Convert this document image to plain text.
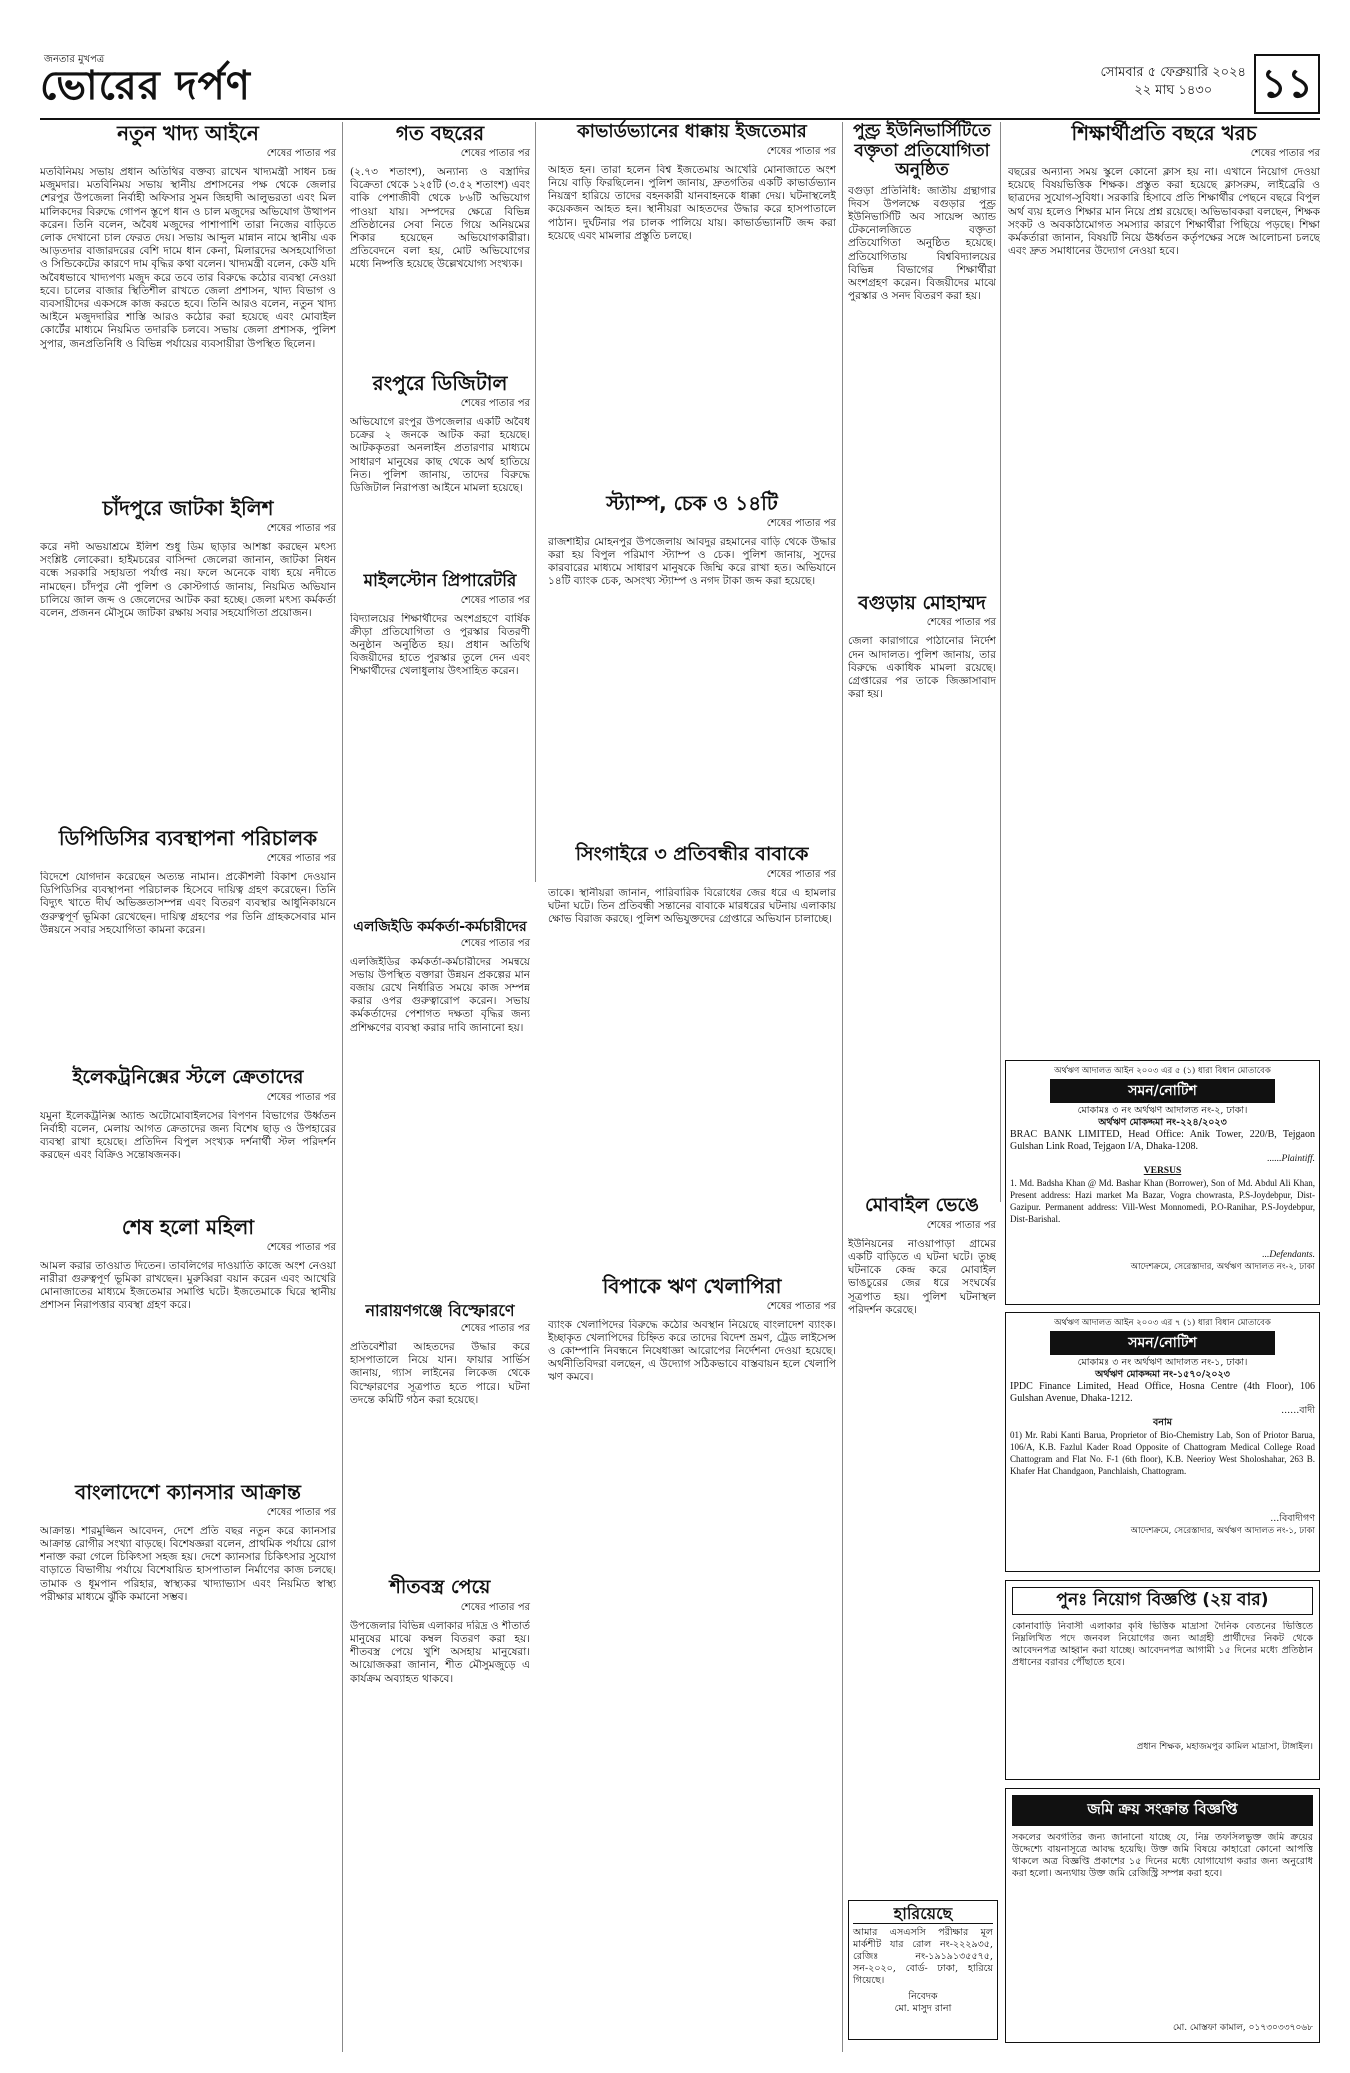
জনতার মুখপত্র
ভোরের দর্পণ	সোমবার ৫ ফেব্রুয়ারি ২০২৪
২২ মাঘ ১৪৩০	১১
নতুন খাদ্য আইনে
শেষের পাতার পর
মতবিনিময় সভায় প্রধান অতিথির বক্তব্য রাখেন খাদ্যমন্ত্রী সাধন চন্দ্র মজুমদার। মতবিনিময় সভায় স্থানীয় প্রশাসনের পক্ষ থেকে জেলার শেরপুর উপজেলা নির্বাহী অফিসার সুমন জিহাদী আলুভরতা এবং মিল মালিকদের বিরুদ্ধে গোপন স্তূপে ধান ও চাল মজুদের অভিযোগ উত্থাপন করেন। তিনি বলেন, অবৈধ মজুদের পাশাপাশি তারা নিজের বাড়িতে লোক দেখানো চাল ফেরত দেয়। সভায় আব্দুল মান্নান নামে স্থানীয় এক আড়তদার বাজারদরের বেশি দামে ধান কেনা, মিলারদের অসহযোগিতা ও সিন্ডিকেটের কারণে দাম বৃদ্ধির কথা বলেন। খাদ্যমন্ত্রী বলেন, কেউ যদি অবৈধভাবে খাদ্যপণ্য মজুদ করে তবে তার বিরুদ্ধে কঠোর ব্যবস্থা নেওয়া হবে। চালের বাজার স্থিতিশীল রাখতে জেলা প্রশাসন, খাদ্য বিভাগ ও ব্যবসায়ীদের একসঙ্গে কাজ করতে হবে। তিনি আরও বলেন, নতুন খাদ্য আইনে মজুদদারির শাস্তি আরও কঠোর করা হয়েছে এবং মোবাইল কোর্টের মাধ্যমে নিয়মিত তদারকি চলবে। সভায় জেলা প্রশাসক, পুলিশ সুপার, জনপ্রতিনিধি ও বিভিন্ন পর্যায়ের ব্যবসায়ীরা উপস্থিত ছিলেন।
চাঁদপুরে জাটকা ইলিশ
শেষের পাতার পর
করে নদী অভয়াশ্রমে ইলিশ শুধু ডিম ছাড়ার আশঙ্কা করছেন মৎস্য সংশ্লিষ্ট লোকেরা। হাইমচরের বাসিন্দা জেলেরা জানান, জাটকা নিধন বন্ধে সরকারি সহায়তা পর্যাপ্ত নয়। ফলে অনেকে বাধ্য হয়ে নদীতে নামছেন। চাঁদপুর নৌ পুলিশ ও কোস্টগার্ড জানায়, নিয়মিত অভিযান চালিয়ে জাল জব্দ ও জেলেদের আটক করা হচ্ছে। জেলা মৎস্য কর্মকর্তা বলেন, প্রজনন মৌসুমে জাটকা রক্ষায় সবার সহযোগিতা প্রয়োজন।
ডিপিডিসির ব্যবস্থাপনা পরিচালক
শেষের পাতার পর
বিদেশে যোগদান করেছেন অত্যন্ত নামান। প্রকৌশলী বিকাশ দেওয়ান ডিপিডিসির ব্যবস্থাপনা পরিচালক হিসেবে দায়িত্ব গ্রহণ করেছেন। তিনি বিদ্যুৎ খাতে দীর্ঘ অভিজ্ঞতাসম্পন্ন এবং বিতরণ ব্যবস্থার আধুনিকায়নে গুরুত্বপূর্ণ ভূমিকা রেখেছেন। দায়িত্ব গ্রহণের পর তিনি গ্রাহকসেবার মান উন্নয়নে সবার সহযোগিতা কামনা করেন।
ইলেকট্রনিক্সের স্টলে ক্রেতাদের
শেষের পাতার পর
যমুনা ইলেকট্রনিক্স অ্যান্ড অটোমোবাইলসের বিপণন বিভাগের উর্ধ্বতন নির্বাহী বলেন, মেলায় আগত ক্রেতাদের জন্য বিশেষ ছাড় ও উপহারের ব্যবস্থা রাখা হয়েছে। প্রতিদিন বিপুল সংখ্যক দর্শনার্থী স্টল পরিদর্শন করছেন এবং বিক্রিও সন্তোষজনক।
শেষ হলো মহিলা
শেষের পাতার পর
আমল করার তাওয়াত দিতেন। তাবলিগের দাওয়াতি কাজে অংশ নেওয়া নারীরা গুরুত্বপূর্ণ ভূমিকা রাখছেন। মুরুব্বিরা বয়ান করেন এবং আখেরি মোনাজাতের মাধ্যমে ইজতেমার সমাপ্তি ঘটে। ইজতেমাকে ঘিরে স্থানীয় প্রশাসন নিরাপত্তার ব্যবস্থা গ্রহণ করে।
বাংলাদেশে ক্যানসার আক্রান্ত
শেষের পাতার পর
আক্রান্ত। শারমুজ্জিন আবেদন, দেশে প্রতি বছর নতুন করে ক্যানসার আক্রান্ত রোগীর সংখ্যা বাড়ছে। বিশেষজ্ঞরা বলেন, প্রাথমিক পর্যায়ে রোগ শনাক্ত করা গেলে চিকিৎসা সহজ হয়। দেশে ক্যানসার চিকিৎসার সুযোগ বাড়াতে বিভাগীয় পর্যায়ে বিশেষায়িত হাসপাতাল নির্মাণের কাজ চলছে। তামাক ও ধূমপান পরিহার, স্বাস্থ্যকর খাদ্যাভ্যাস এবং নিয়মিত স্বাস্থ্য পরীক্ষার মাধ্যমে ঝুঁকি কমানো সম্ভব।
গত বছরের
শেষের পাতার পর
(২.৭৩ শতাংশ), অন্যান্য ও বস্ত্রাদির বিক্রেতা থেকে ১২৫টি (৩.৫২ শতাংশ) এবং বাকি পেশাজীবী থেকে ৮৬টি অভিযোগ পাওয়া যায়। সম্পদের ক্ষেত্রে বিভিন্ন প্রতিষ্ঠানের সেবা নিতে গিয়ে অনিয়মের শিকার হয়েছেন অভিযোগকারীরা। প্রতিবেদনে বলা হয়, মোট অভিযোগের মধ্যে নিষ্পত্তি হয়েছে উল্লেখযোগ্য সংখ্যক।
রংপুরে ডিজিটাল
শেষের পাতার পর
অভিযোগে রংপুর উপজেলার একটি অবৈধ চক্রের ২ জনকে আটক করা হয়েছে। আটককৃতরা অনলাইন প্রতারণার মাধ্যমে সাধারণ মানুষের কাছ থেকে অর্থ হাতিয়ে নিত। পুলিশ জানায়, তাদের বিরুদ্ধে ডিজিটাল নিরাপত্তা আইনে মামলা হয়েছে।
মাইলস্টোন প্রিপারেটরি
শেষের পাতার পর
বিদ্যালয়ের শিক্ষার্থীদের অংশগ্রহণে বার্ষিক ক্রীড়া প্রতিযোগিতা ও পুরস্কার বিতরণী অনুষ্ঠান অনুষ্ঠিত হয়। প্রধান অতিথি বিজয়ীদের হাতে পুরস্কার তুলে দেন এবং শিক্ষার্থীদের খেলাধুলায় উৎসাহিত করেন।
এলজিইডি কর্মকর্তা-কর্মচারীদের
শেষের পাতার পর
এলজিইডির কর্মকর্তা-কর্মচারীদের সমন্বয়ে সভায় উপস্থিত বক্তারা উন্নয়ন প্রকল্পের মান বজায় রেখে নির্ধারিত সময়ে কাজ সম্পন্ন করার ওপর গুরুত্বারোপ করেন। সভায় কর্মকর্তাদের পেশাগত দক্ষতা বৃদ্ধির জন্য প্রশিক্ষণের ব্যবস্থা করার দাবি জানানো হয়।
নারায়ণগঞ্জে বিস্ফোরণে
শেষের পাতার পর
প্রতিবেশীরা আহতদের উদ্ধার করে হাসপাতালে নিয়ে যান। ফায়ার সার্ভিস জানায়, গ্যাস লাইনের লিকেজ থেকে বিস্ফোরণের সূত্রপাত হতে পারে। ঘটনা তদন্তে কমিটি গঠন করা হয়েছে।
শীতবস্ত্র পেয়ে
শেষের পাতার পর
উপজেলার বিভিন্ন এলাকার দরিদ্র ও শীতার্ত মানুষের মাঝে কম্বল বিতরণ করা হয়। শীতবস্ত্র পেয়ে খুশি অসহায় মানুষেরা। আয়োজকরা জানান, শীত মৌসুমজুড়ে এ কার্যক্রম অব্যাহত থাকবে।
কাভার্ডভ্যানের ধাক্কায় ইজতেমার
শেষের পাতার পর
আহত হন। তারা হলেন বিশ্ব ইজতেমায় আখেরি মোনাজাতে অংশ নিয়ে বাড়ি ফিরছিলেন। পুলিশ জানায়, দ্রুতগতির একটি কাভার্ডভ্যান নিয়ন্ত্রণ হারিয়ে তাদের বহনকারী যানবাহনকে ধাক্কা দেয়। ঘটনাস্থলেই কয়েকজন আহত হন। স্থানীয়রা আহতদের উদ্ধার করে হাসপাতালে পাঠান। দুর্ঘটনার পর চালক পালিয়ে যায়। কাভার্ডভ্যানটি জব্দ করা হয়েছে এবং মামলার প্রস্তুতি চলছে।
স্ট্যাম্প, চেক ও ১৪টি
শেষের পাতার পর
রাজশাহীর মোহনপুর উপজেলায় আবদুর রহমানের বাড়ি থেকে উদ্ধার করা হয় বিপুল পরিমাণ স্ট্যাম্প ও চেক। পুলিশ জানায়, সুদের কারবারের মাধ্যমে সাধারণ মানুষকে জিম্মি করে রাখা হত। অভিযানে ১৪টি ব্যাংক চেক, অসংখ্য স্ট্যাম্প ও নগদ টাকা জব্দ করা হয়েছে।
সিংগাইরে ৩ প্রতিবন্ধীর বাবাকে
শেষের পাতার পর
তাকে। স্থানীয়রা জানান, পারিবারিক বিরোধের জের ধরে এ হামলার ঘটনা ঘটে। তিন প্রতিবন্ধী সন্তানের বাবাকে মারধরের ঘটনায় এলাকায় ক্ষোভ বিরাজ করছে। পুলিশ অভিযুক্তদের গ্রেপ্তারে অভিযান চালাচ্ছে।
বিপাকে ঋণ খেলাপিরা
শেষের পাতার পর
ব্যাংক খেলাপিদের বিরুদ্ধে কঠোর অবস্থান নিয়েছে বাংলাদেশ ব্যাংক। ইচ্ছাকৃত খেলাপিদের চিহ্নিত করে তাদের বিদেশ ভ্রমণ, ট্রেড লাইসেন্স ও কোম্পানি নিবন্ধনে নিষেধাজ্ঞা আরোপের নির্দেশনা দেওয়া হয়েছে। অর্থনীতিবিদরা বলছেন, এ উদ্যোগ সঠিকভাবে বাস্তবায়ন হলে খেলাপি ঋণ কমবে।
পুণ্ড্র ইউনিভার্সিটিতে বক্তৃতা প্রতিযোগিতা অনুষ্ঠিত
বগুড়া প্রতিনিধি: জাতীয় গ্রন্থাগার দিবস উপলক্ষে বগুড়ার পুণ্ড্র ইউনিভার্সিটি অব সায়েন্স অ্যান্ড টেকনোলজিতে বক্তৃতা প্রতিযোগিতা অনুষ্ঠিত হয়েছে। প্রতিযোগিতায় বিশ্ববিদ্যালয়ের বিভিন্ন বিভাগের শিক্ষার্থীরা অংশগ্রহণ করেন। বিজয়ীদের মাঝে পুরস্কার ও সনদ বিতরণ করা হয়।
বগুড়ায় মোহাম্মদ
শেষের পাতার পর
জেলা কারাগারে পাঠানোর নির্দেশ দেন আদালত। পুলিশ জানায়, তার বিরুদ্ধে একাধিক মামলা রয়েছে। গ্রেপ্তারের পর তাকে জিজ্ঞাসাবাদ করা হয়।
শিক্ষার্থীপ্রতি বছরে খরচ
শেষের পাতার পর
বছরের অন্যান্য সময় স্কুলে কোনো ক্লাস হয় না। এখানে নিয়োগ দেওয়া হয়েছে বিষয়ভিত্তিক শিক্ষক। প্রস্তুত করা হয়েছে ক্লাসরুম, লাইব্রেরি ও ছাত্রদের সুযোগ-সুবিধা। সরকারি হিসাবে প্রতি শিক্ষার্থীর পেছনে বছরে বিপুল অর্থ ব্যয় হলেও শিক্ষার মান নিয়ে প্রশ্ন রয়েছে। অভিভাবকরা বলছেন, শিক্ষক সংকট ও অবকাঠামোগত সমস্যার কারণে শিক্ষার্থীরা পিছিয়ে পড়ছে। শিক্ষা কর্মকর্তারা জানান, বিষয়টি নিয়ে ঊর্ধ্বতন কর্তৃপক্ষের সঙ্গে আলোচনা চলছে এবং দ্রুত সমাধানের উদ্যোগ নেওয়া হবে।
মোবাইল ভেঙে
শেষের পাতার পর
ইউনিয়নের নাওয়াপাড়া গ্রামের একটি বাড়িতে এ ঘটনা ঘটে। তুচ্ছ ঘটনাকে কেন্দ্র করে মোবাইল ভাঙচুরের জের ধরে সংঘর্ষের সূত্রপাত হয়। পুলিশ ঘটনাস্থল পরিদর্শন করেছে।
হারিয়েছে
আমার এসএসসি পরীক্ষার মূল মার্কশীট যার রোল নং-২২২৯৩৫, রেজিঃ নং-১৯১৯১৩৫৫৭৫, সন-২০২০, বোর্ড- ঢাকা, হারিয়ে গিয়েছে।
নিবেদক
মো. মাসুদ রানা
অর্থঋণ আদালত আইন ২০০৩ এর ৫ (১) ধারা বিধান মোতাবেক
সমন/নোটিশ
মোকামঃ ৩ নং অর্থঋণ আদালত নং-২, ঢাকা।
অর্থঋণ মোকদ্দমা নং-২২৪/২০২৩
BRAC BANK LIMITED, Head Office: Anik Tower, 220/B, Tejgaon Gulshan Link Road, Tejgaon I/A, Dhaka-1208.
......Plaintiff.
VERSUS
1. Md. Badsha Khan @ Md. Bashar Khan (Borrower), Son of Md. Abdul Ali Khan, Present address: Hazi market Ma Bazar, Vogra chowrasta, P.S-Joydebpur, Dist-Gazipur. Permanent address: Vill-West Monnomedi, P.O-Ranihar, P.S-Joydebpur, Dist-Barishal.
...Defendants.
আদেশক্রমে, সেরেস্তাদার, অর্থঋণ আদালত নং-২, ঢাকা
অর্থঋণ আদালত আইন ২০০৩ এর ৭ (১) ধারা বিধান মোতাবেক
সমন/নোটিশ
মোকামঃ ৩ নং অর্থঋণ আদালত নং-১, ঢাকা।
অর্থঋণ মোকদ্দমা নং-১৫৭০/২০২৩
IPDC Finance Limited, Head Office, Hosna Centre (4th Floor), 106 Gulshan Avenue, Dhaka-1212.
......বাদী
বনাম
01) Mr. Rabi Kanti Barua, Proprietor of Bio-Chemistry Lab, Son of Priotor Barua, 106/A, K.B. Fazlul Kader Road Opposite of Chattogram Medical College Road Chattogram and Flat No. F-1 (6th floor), K.B. Neerioy West Sholoshahar, 263 B. Khafer Hat Chandgaon, Panchlaish, Chattogram.
...বিবাদীগণ
আদেশক্রমে, সেরেস্তাদার, অর্থঋণ আদালত নং-১, ঢাকা
পুনঃ নিয়োগ বিজ্ঞপ্তি (২য় বার)
কোনাবাড়ি নিবাসী এলাকার কৃষি ভিত্তিক মাদ্রাসা দৈনিক বেতনের ভিত্তিতে নিম্নলিখিত পদে জনবল নিয়োগের জন্য আগ্রহী প্রার্থীদের নিকট থেকে আবেদনপত্র আহ্বান করা যাচ্ছে। আবেদনপত্র আগামী ১৫ দিনের মধ্যে প্রতিষ্ঠান প্রধানের বরাবর পৌঁছাতে হবে।
প্রধান শিক্ষক, মহাজমপুর কামিল মাদ্রাসা, টাঙ্গাইল।
জমি ক্রয় সংক্রান্ত বিজ্ঞপ্তি
সকলের অবগতির জন্য জানানো যাচ্ছে যে, নিম্ন তফসিলভুক্ত জমি ক্রয়ের উদ্দেশ্যে বায়নাসূত্রে আবদ্ধ হয়েছি। উক্ত জমি বিষয়ে কাহারো কোনো আপত্তি থাকলে অত্র বিজ্ঞপ্তি প্রকাশের ১৫ দিনের মধ্যে যোগাযোগ করার জন্য অনুরোধ করা হলো। অন্যথায় উক্ত জমি রেজিস্ট্রি সম্পন্ন করা হবে।
মো. মোস্তফা কামাল, ০১৭৩০৩৩৭০৬৮
